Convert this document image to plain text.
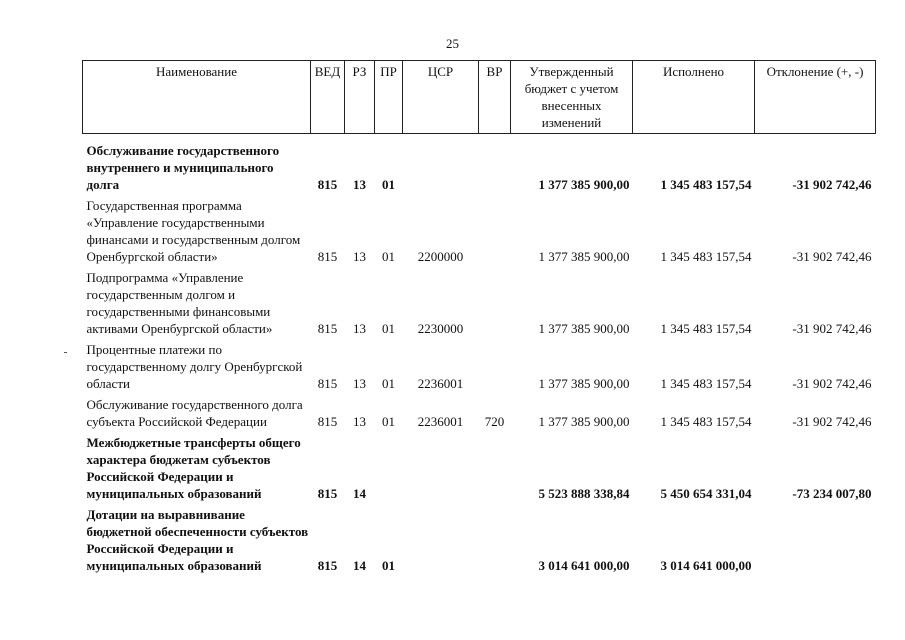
25
Наименование	ВЕД	РЗ	ПР	ЦСР	ВР	Утвержденный бюджет с учетом внесенных изменений	Исполнено	Отклонение (+, -)
Обслуживание государственного внутреннего и муниципального долга	815	13	01			1 377 385 900,00	1 345 483 157,54	-31 902 742,46
Государственная программа «Управление государственными финансами и государственным долгом Оренбургской области»	815	13	01	2200000		1 377 385 900,00	1 345 483 157,54	-31 902 742,46
Подпрограмма «Управление государственным долгом и государственными финансовыми активами Оренбургской области»	815	13	01	2230000		1 377 385 900,00	1 345 483 157,54	-31 902 742,46
Процентные платежи по государственному долгу Оренбургской области	815	13	01	2236001		1 377 385 900,00	1 345 483 157,54	-31 902 742,46
Обслуживание государственного долга субъекта Российской Федерации	815	13	01	2236001	720	1 377 385 900,00	1 345 483 157,54	-31 902 742,46
Межбюджетные трансферты общего характера бюджетам субъектов Российской Федерации и муниципальных образований	815	14				5 523 888 338,84	5 450 654 331,04	-73 234 007,80
Дотации на выравнивание бюджетной обеспеченности субъектов Российской Федерации и муниципальных образований	815	14	01			3 014 641 000,00	3 014 641 000,00	
